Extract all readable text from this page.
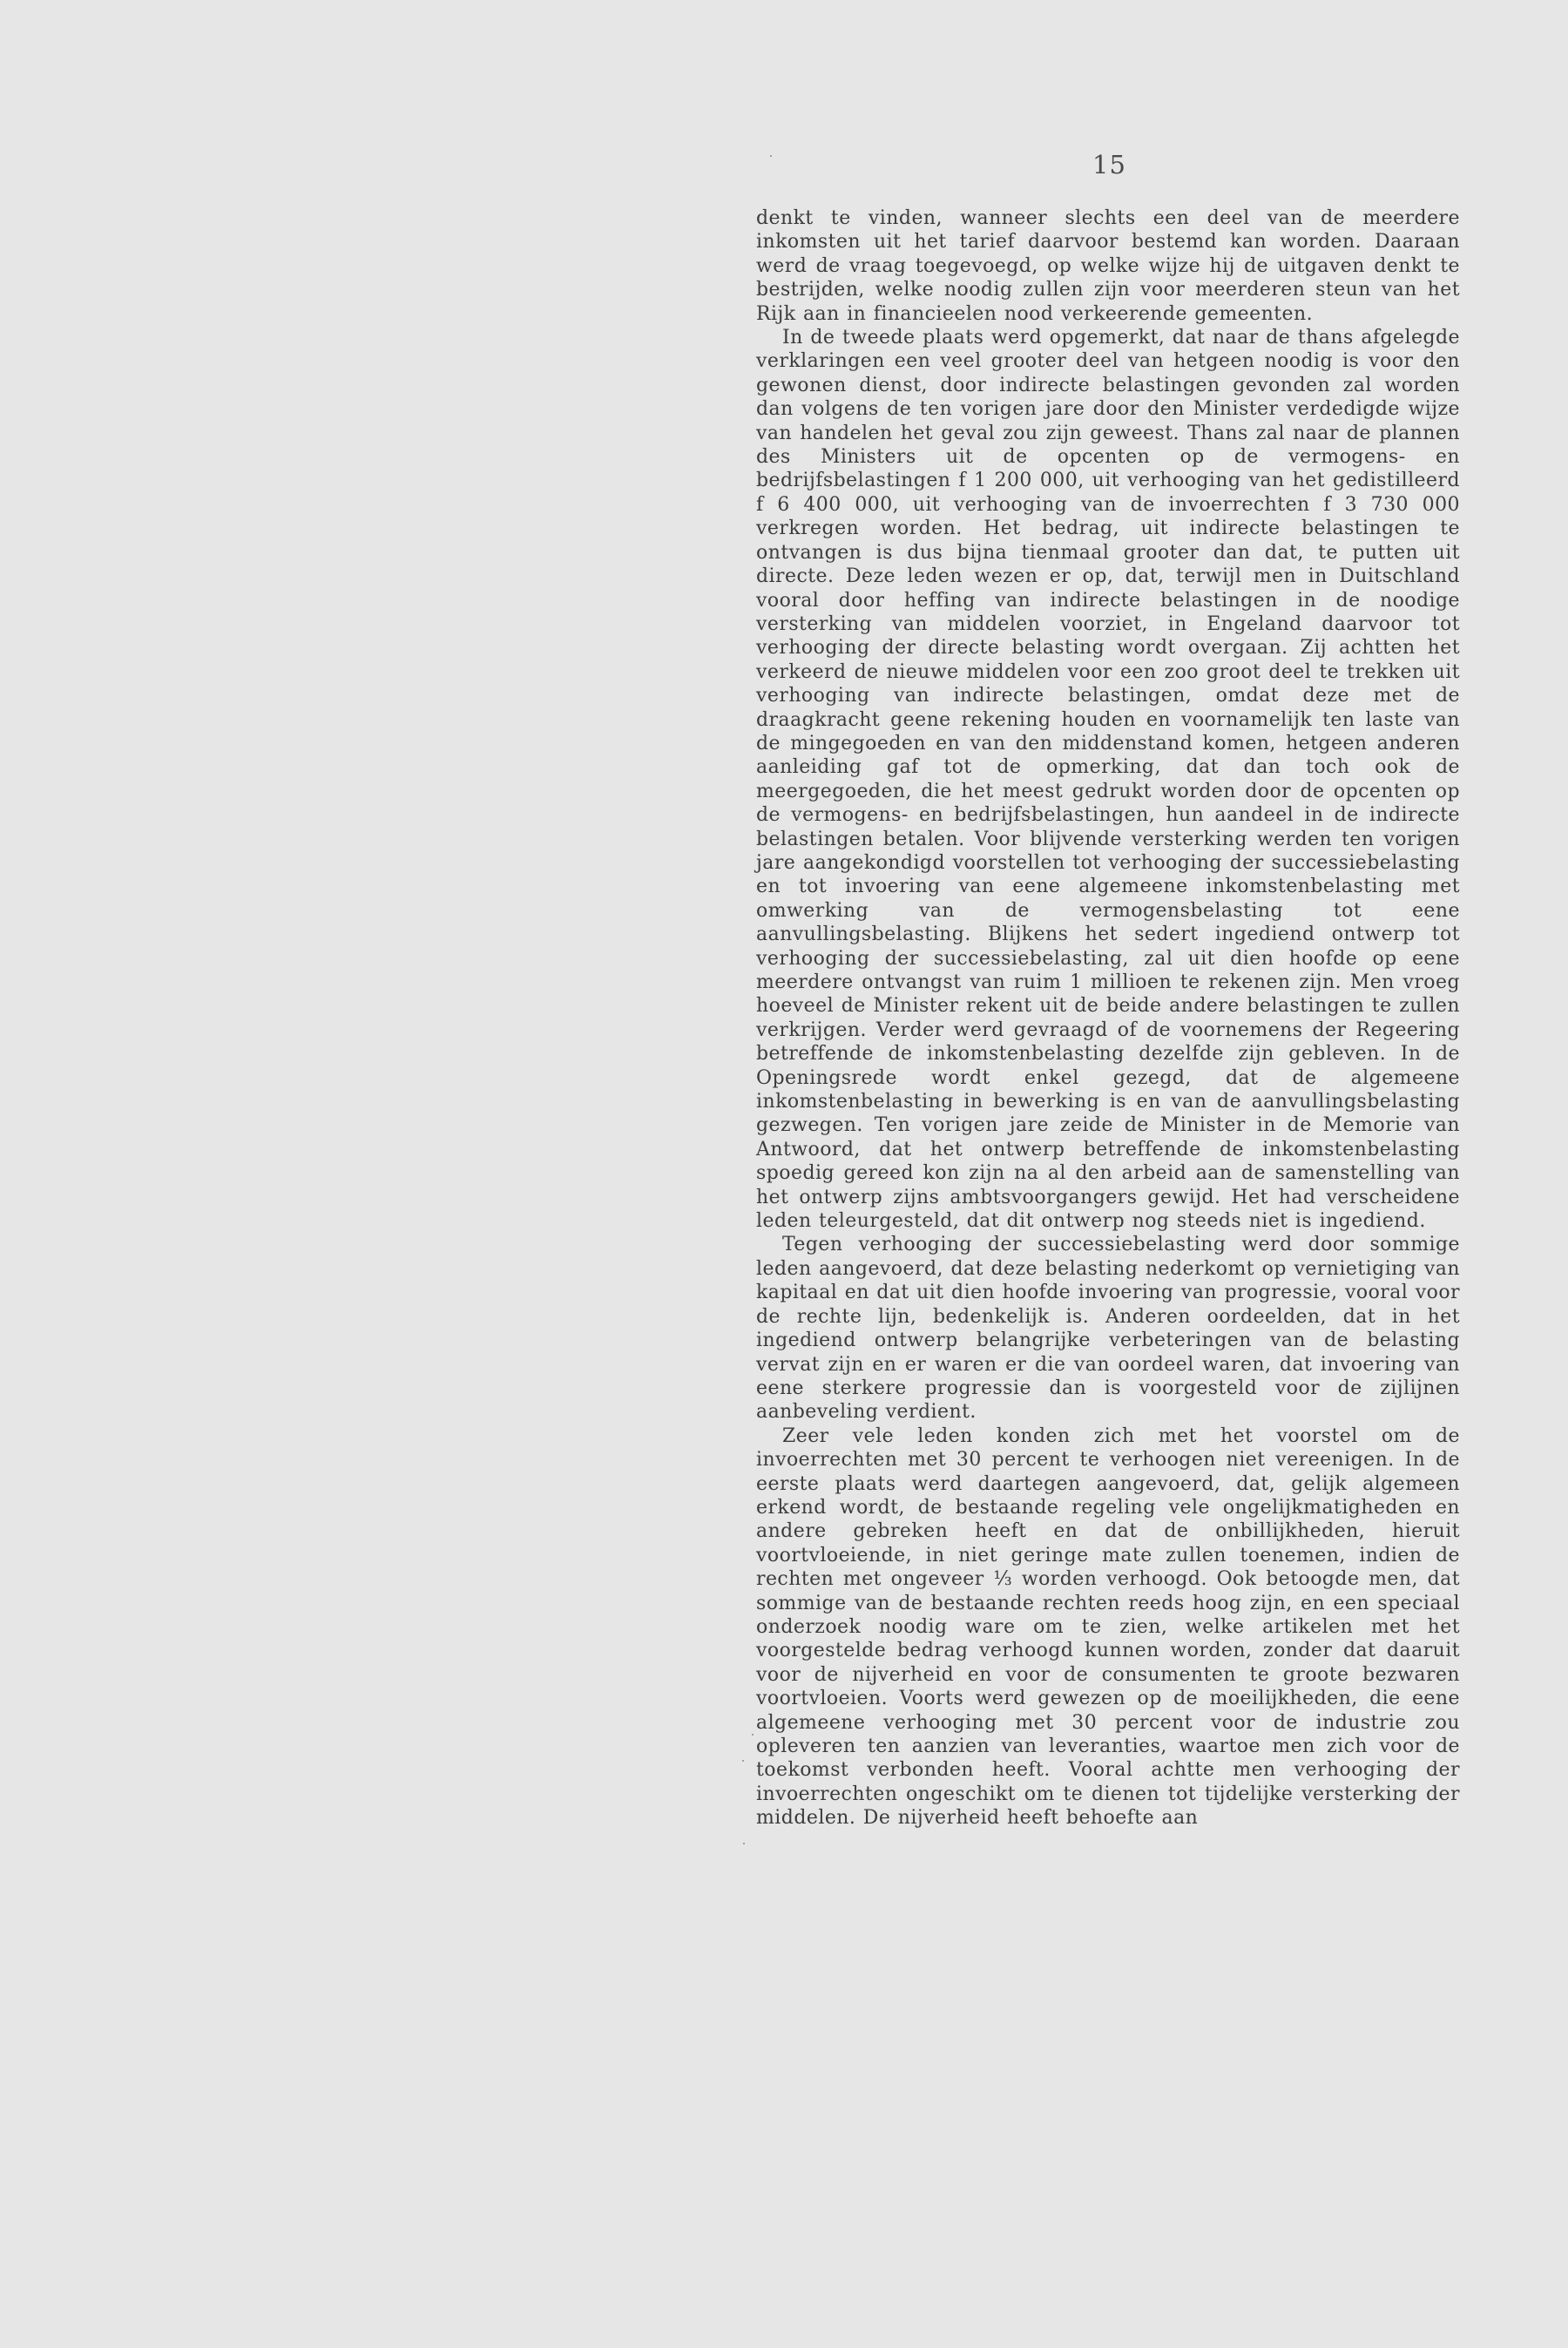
15

denkt te vinden, wanneer slechts een deel van de meerdere inkomsten uit het tarief daarvoor bestemd kan worden. Daaraan werd de vraag toegevoegd, op welke wijze hij de uitgaven denkt te bestrijden, welke noodig zullen zijn voor meerderen steun van het Rijk aan in financieelen nood verkeerende gemeenten.

In de tweede plaats werd opgemerkt, dat naar de thans afgelegde verklaringen een veel grooter deel van hetgeen noodig is voor den gewonen dienst, door indirecte belastingen gevonden zal worden dan volgens de ten vorigen jare door den Minister verdedigde wijze van handelen het geval zou zijn geweest. Thans zal naar de plannen des Ministers uit de opcenten op de vermogens- en bedrijfsbelastingen f 1 200 000, uit verhooging van het gedistilleerd f 6 400 000, uit verhooging van de invoerrechten f 3 730 000 verkregen worden. Het bedrag, uit indirecte belastingen te ontvangen is dus bijna tienmaal grooter dan dat, te putten uit directe. Deze leden wezen er op, dat, terwijl men in Duitschland vooral door heffing van indirecte belastingen in de noodige versterking van middelen voorziet, in Engeland daarvoor tot verhooging der directe belasting wordt overgaan. Zij achtten het verkeerd de nieuwe middelen voor een zoo groot deel te trekken uit verhooging van indirecte belastingen, omdat deze met de draagkracht geene rekening houden en voornamelijk ten laste van de mingegoeden en van den middenstand komen, hetgeen anderen aanleiding gaf tot de opmerking, dat dan toch ook de meergegoeden, die het meest gedrukt worden door de opcenten op de vermogens- en bedrijfsbelastingen, hun aandeel in de indirecte belastingen betalen. Voor blijvende versterking werden ten vorigen jare aangekondigd voorstellen tot verhooging der successiebelasting en tot invoering van eene algemeene inkomstenbelasting met omwerking van de vermogensbelasting tot eene aanvullingsbelasting. Blijkens het sedert ingediend ontwerp tot verhooging der successiebelasting, zal uit dien hoofde op eene meerdere ontvangst van ruim 1 millioen te rekenen zijn. Men vroeg hoeveel de Minister rekent uit de beide andere belastingen te zullen verkrijgen. Verder werd gevraagd of de voornemens der Regeering betreffende de inkomstenbelasting dezelfde zijn gebleven. In de Openingsrede wordt enkel gezegd, dat de algemeene inkomstenbelasting in bewerking is en van de aanvullingsbelasting gezwegen. Ten vorigen jare zeide de Minister in de Memorie van Antwoord, dat het ontwerp betreffende de inkomstenbelasting spoedig gereed kon zijn na al den arbeid aan de samenstelling van het ontwerp zijns ambtsvoorgangers gewijd. Het had verscheidene leden teleurgesteld, dat dit ontwerp nog steeds niet is ingediend.

Tegen verhooging der successiebelasting werd door sommige leden aangevoerd, dat deze belasting nederkomt op vernietiging van kapitaal en dat uit dien hoofde invoering van progressie, vooral voor de rechte lijn, bedenkelijk is. Anderen oordeelden, dat in het ingediend ontwerp belangrijke verbeteringen van de belasting vervat zijn en er waren er die van oordeel waren, dat invoering van eene sterkere progressie dan is voorgesteld voor de zijlijnen aanbeveling verdient.

Zeer vele leden konden zich met het voorstel om de invoerrechten met 30 percent te verhoogen niet vereenigen. In de eerste plaats werd daartegen aangevoerd, dat, gelijk algemeen erkend wordt, de bestaande regeling vele ongelijkmatigheden en andere gebreken heeft en dat de onbillijkheden, hieruit voortvloeiende, in niet geringe mate zullen toenemen, indien de rechten met ongeveer ⅓ worden verhoogd. Ook betoogde men, dat sommige van de bestaande rechten reeds hoog zijn, en een speciaal onderzoek noodig ware om te zien, welke artikelen met het voorgestelde bedrag verhoogd kunnen worden, zonder dat daaruit voor de nijverheid en voor de consumenten te groote bezwaren voortvloeien. Voorts werd gewezen op de moeilijkheden, die eene algemeene verhooging met 30 percent voor de industrie zou opleveren ten aanzien van leveranties, waartoe men zich voor de toekomst verbonden heeft. Vooral achtte men verhooging der invoerrechten ongeschikt om te dienen tot tijdelijke versterking der middelen. De nijverheid heeft behoefte aan
